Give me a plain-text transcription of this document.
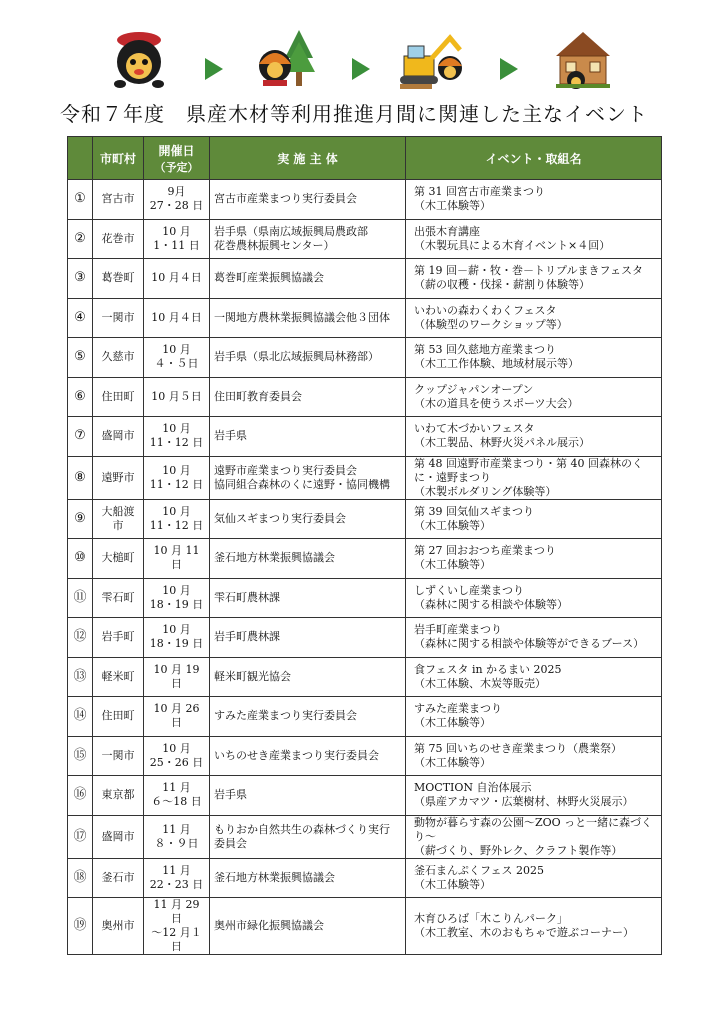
令和７年度　県産木材等利用推進月間に関連した主なイベント
	市町村	開催日
（予定）	実 施 主 体	イベント・取組名
①	宮古市	9月
27・28 日	宮古市産業まつり実行委員会	第 31 回宮古市産業まつり
（木工体験等）

②	花巻市	10 月
1・11 日	岩手県（県南広域振興局農政部
花巻農林振興センター）	出張木育講座
（木製玩具による木育イベント×４回）

③	葛巻町	10 月４日	葛巻町産業振興協議会	第 19 回－薪・牧・巻－トリプルまきフェスタ
（薪の収穫・伐採・薪割り体験等）

④	一関市	10 月４日	一関地方農林業振興協議会他３団体	いわいの森わくわくフェスタ
（体験型のワークショップ等）

⑤	久慈市	10 月
４・５日	岩手県（県北広域振興局林務部）	第 53 回久慈地方産業まつり
（木工工作体験、地域材展示等）

⑥	住田町	10 月５日	住田町教育委員会	クップジャパンオープン
（木の道具を使うスポーツ大会）

⑦	盛岡市	10 月
11・12 日	岩手県	いわて木づかいフェスタ
（木工製品、林野火災パネル展示）

⑧	遠野市	10 月
11・12 日	遠野市産業まつり実行委員会
協同組合森林のくに遠野・協同機構	第 48 回遠野市産業まつり・第 40 回森林のく
に・遠野まつり
（木製ボルダリング体験等）

⑨	大船渡市	10 月
11・12 日	気仙スギまつり実行委員会	第 39 回気仙スギまつり
（木工体験等）

⑩	大槌町	10 月 11 日	釜石地方林業振興協議会	第 27 回おおつち産業まつり
（木工体験等）

⑪	雫石町	10 月
18・19 日	雫石町農林課	しずくいし産業まつり
（森林に関する相談や体験等）

⑫	岩手町	10 月
18・19 日	岩手町農林課	岩手町産業まつり
（森林に関する相談や体験等ができるブース）

⑬	軽米町	10 月 19 日	軽米町観光協会	食フェスタ in かるまい 2025
（木工体験、木炭等販売）

⑭	住田町	10 月 26 日	すみた産業まつり実行委員会	すみた産業まつり
（木工体験等）

⑮	一関市	10 月
25・26 日	いちのせき産業まつり実行委員会	第 75 回いちのせき産業まつり（農業祭）
（木工体験等）

⑯	東京都	11 月
６～18 日	岩手県	MOCTION 自治体展示
（県産アカマツ・広葉樹材、林野火災展示）

⑰	盛岡市	11 月
８・９日	もりおか自然共生の森林づくり実行
委員会	動物が暮らす森の公園～ZOO っと一緒に森づくり～
（薪づくり、野外レク、クラフト製作等）

⑱	釜石市	11 月
22・23 日	釜石地方林業振興協議会	釜石まんぷくフェス 2025
（木工体験等）

⑲	奥州市	11 月 29 日
～12 月１日	奥州市緑化振興協議会	木育ひろば「木こりんパーク」
（木工教室、木のおもちゃで遊ぶコーナー）
